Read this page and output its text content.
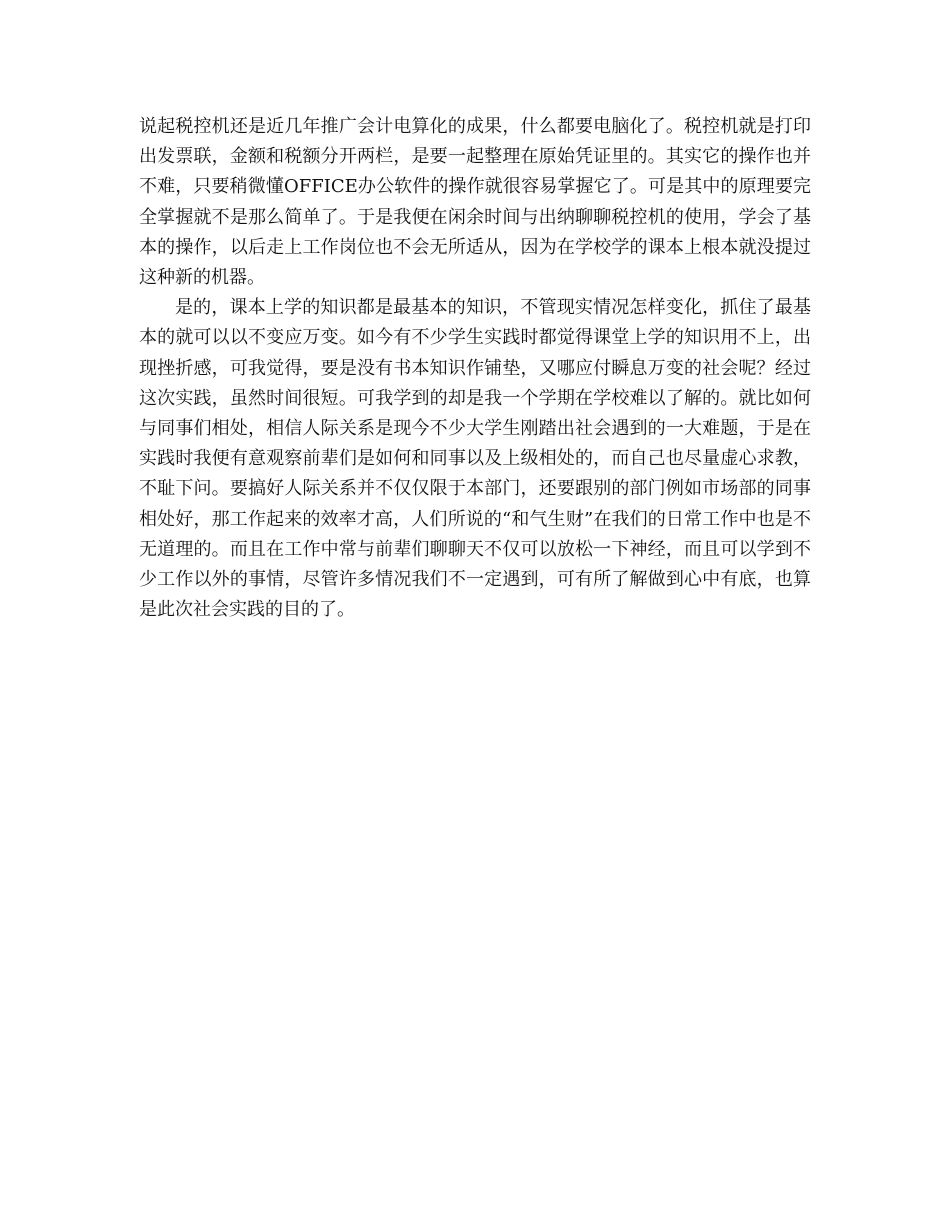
说起税控机还是近几年推广会计电算化的成果，什么都要电脑化了。税控机就是打印出发票联，金额和税额分开两栏，是要一起整理在原始凭证里的。其实它的操作也并不难，只要稍微懂OFFICE办公软件的操作就很容易掌握它了。可是其中的原理要完全掌握就不是那么简单了。于是我便在闲余时间与出纳聊聊税控机的使用，学会了基本的操作，以后走上工作岗位也不会无所适从，因为在学校学的课本上根本就没提过这种新的机器。

是的，课本上学的知识都是最基本的知识，不管现实情况怎样变化，抓住了最基本的就可以以不变应万变。如今有不少学生实践时都觉得课堂上学的知识用不上，出现挫折感，可我觉得，要是没有书本知识作铺垫，又哪应付瞬息万变的社会呢？经过这次实践，虽然时间很短。可我学到的却是我一个学期在学校难以了解的。就比如何与同事们相处，相信人际关系是现今不少大学生刚踏出社会遇到的一大难题，于是在实践时我便有意观察前辈们是如何和同事以及上级相处的，而自己也尽量虚心求教，不耻下问。要搞好人际关系并不仅仅限于本部门，还要跟别的部门例如市场部的同事相处好，那工作起来的效率才高，人们所说的“和气生财”在我们的日常工作中也是不无道理的。而且在工作中常与前辈们聊聊天不仅可以放松一下神经，而且可以学到不少工作以外的事情，尽管许多情况我们不一定遇到，可有所了解做到心中有底，也算是此次社会实践的目的了。
